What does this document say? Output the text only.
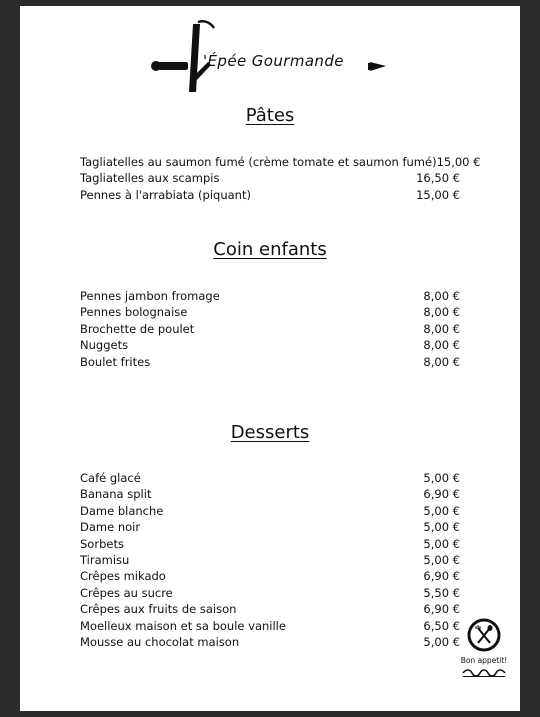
'Épée Gourmande
Pâtes
Tagliatelles au saumon fumé (crème tomate et saumon fumé) 15,00 €
Tagliatelles aux scampis	16,50 €
Pennes à l'arrabiata (piquant)	15,00 €
Coin enfants
Pennes jambon fromage	8,00 €
Pennes bolognaise	8,00 €
Brochette de poulet	8,00 €
Nuggets	8,00 €
Boulet frites	8,00 €
Desserts
Café glacé	5,00 €
Banana split	6,90 €
Dame blanche	5,00 €
Dame noir	5,00 €
Sorbets	5,00 €
Tiramisu	5,00 €
Crêpes mikado	6,90 €
Crêpes au sucre	5,50 €
Crêpes aux fruits de saison	6,90 €
Moelleux maison et sa boule vanille	6,50 €
Mousse au chocolat maison	5,00 €
Bon appetit!
